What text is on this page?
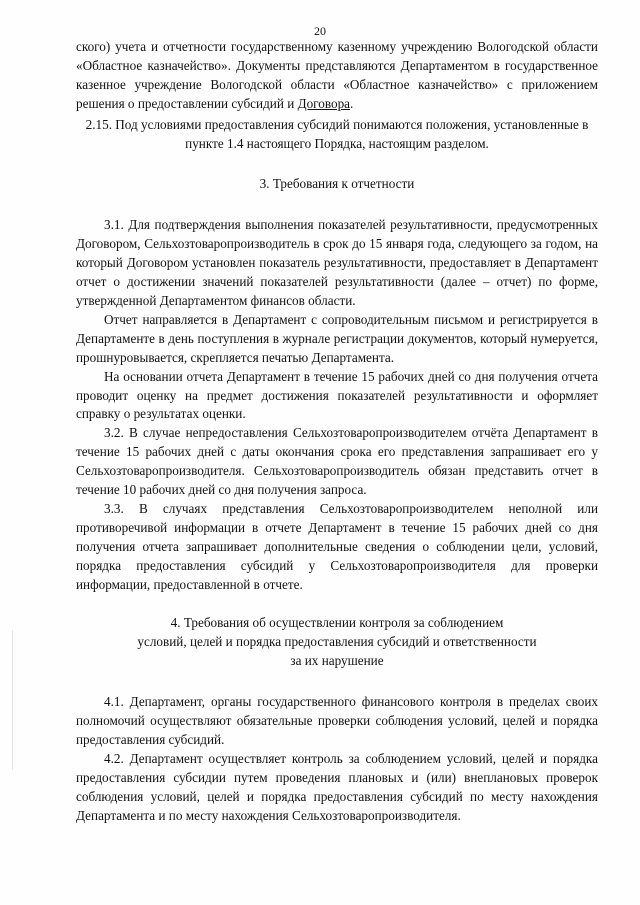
20

ского) учета и отчетности государственному казенному учреждению Вологодской области «Областное казначейство». Документы представляются Департаментом в государственное казенное учреждение Вологодской области «Областное казначейство» с приложением решения о предоставлении субсидий и Договора.

2.15. Под условиями предоставления субсидий понимаются положения, установленные в пункте 1.4 настоящего Порядка, настоящим разделом.

3. Требования к отчетности

3.1. Для подтверждения выполнения показателей результативности, предусмотренных Договором, Сельхозтоваропроизводитель в срок до 15 января года, следующего за годом, на который Договором установлен показатель результативности, предоставляет в Департамент отчет о достижении значений показателей результативности (далее – отчет) по форме, утвержденной Департаментом финансов области.

Отчет направляется в Департамент с сопроводительным письмом и регистрируется в Департаменте в день поступления в журнале регистрации документов, который нумеруется, прошнуровывается, скрепляется печатью Департамента.

На основании отчета Департамент в течение 15 рабочих дней со дня получения отчета проводит оценку на предмет достижения показателей результативности и оформляет справку о результатах оценки.

3.2. В случае непредоставления Сельхозтоваропроизводителем отчёта Департамент в течение 15 рабочих дней с даты окончания срока его представления запрашивает его у Сельхозтоваропроизводителя. Сельхозтоваропроизводитель обязан представить отчет в течение 10 рабочих дней со дня получения запроса.

3.3. В случаях представления Сельхозтоваропроизводителем неполной или противоречивой информации в отчете Департамент в течение 15 рабочих дней со дня получения отчета запрашивает дополнительные сведения о соблюдении цели, условий, порядка предоставления субсидий у Сельхозтоваропроизводителя для проверки информации, предоставленной в отчете.

4. Требования об осуществлении контроля за соблюдением
условий, целей и порядка предоставления субсидий и ответственности
за их нарушение

4.1. Департамент, органы государственного финансового контроля в пределах своих полномочий осуществляют обязательные проверки соблюдения условий, целей и порядка предоставления субсидий.

4.2. Департамент осуществляет контроль за соблюдением условий, целей и порядка предоставления субсидии путем проведения плановых и (или) внеплановых проверок соблюдения условий, целей и порядка предоставления субсидий по месту нахождения Департамента и по месту нахождения Сельхозтоваропроизводителя.
